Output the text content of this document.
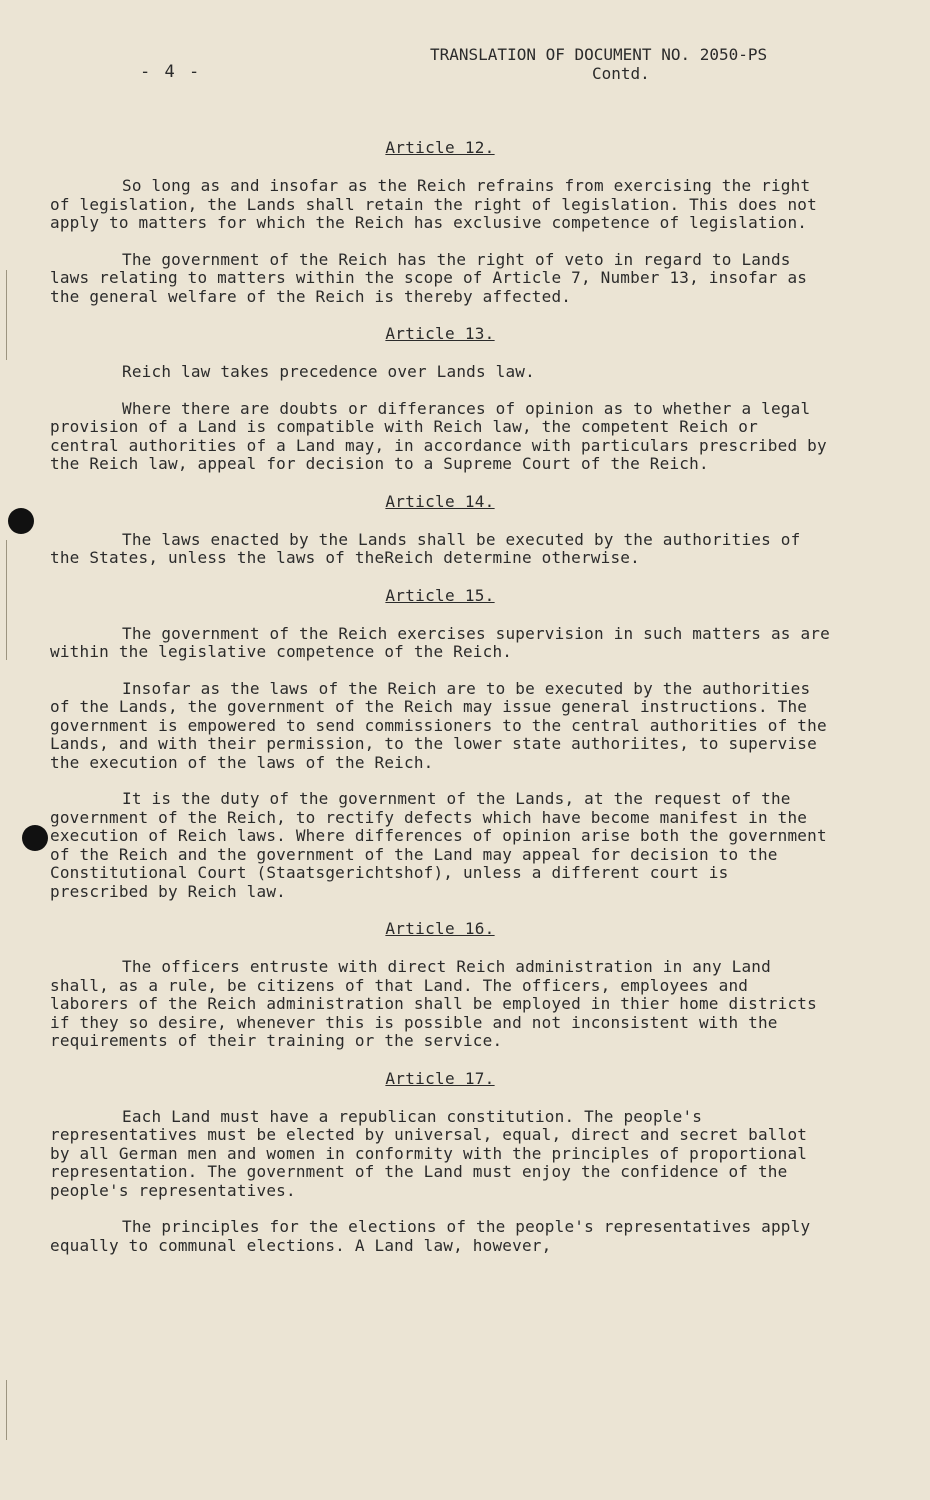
- 4 -
TRANSLATION OF DOCUMENT NO. 2050-PS
Contd.
Article 12.

So long as and insofar as the Reich refrains from exercising the right of legislation, the Lands shall retain the right of legislation. This does not apply to matters for which the Reich has exclusive competence of legislation.

The government of the Reich has the right of veto in regard to Lands laws relating to matters within the scope of Article 7, Number 13, insofar as the general welfare of the Reich is thereby affected.

Article 13.

Reich law takes precedence over Lands law.

Where there are doubts or differances of opinion as to whether a legal provision of a Land is compatible with Reich law, the competent Reich or central authorities of a Land may, in accordance with particulars prescribed by the Reich law, appeal for decision to a Supreme Court of the Reich.

Article 14.

The laws enacted by the Lands shall be executed by the authorities of the States, unless the laws of theReich determine otherwise.

Article 15.

The government of the Reich exercises supervision in such matters as are within the legislative competence of the Reich.

Insofar as the laws of the Reich are to be executed by the authorities of the Lands, the government of the Reich may issue general instructions. The government is empowered to send commissioners to the central authorities of the Lands, and with their permission, to the lower state authoriites, to supervise the execution of the laws of the Reich.

It is the duty of the government of the Lands, at the request of the government of the Reich, to rectify defects which have become manifest in the execution of Reich laws. Where differences of opinion arise both the government of the Reich and the government of the Land may appeal for decision to the Constitutional Court (Staatsgerichtshof), unless a different court is prescribed by Reich law.

Article 16.

The officers entruste with direct Reich administration in any Land shall, as a rule, be citizens of that Land. The officers, employees and laborers of the Reich administration shall be employed in thier home districts if they so desire, whenever this is possible and not inconsistent with the requirements of their training or the service.

Article 17.

Each Land must have a republican constitution. The people's representatives must be elected by universal, equal, direct and secret ballot by all German men and women in conformity with the principles of proportional representation. The government of the Land must enjoy the confidence of the people's representatives.

The principles for the elections of the people's representatives apply equally to communal elections. A Land law, however,
